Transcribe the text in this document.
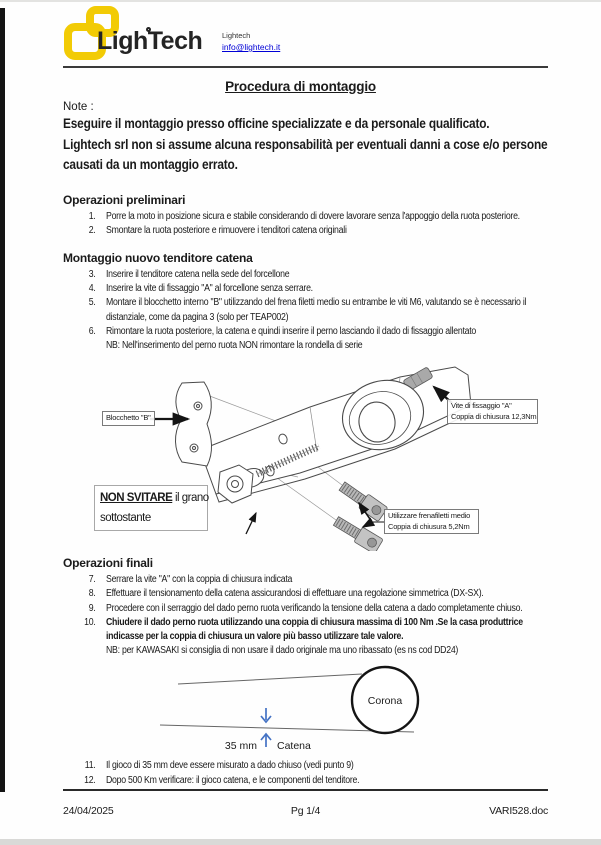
LighTech	Lightech
info@lightech.it
Procedura di montaggio
Note :
Eseguire il montaggio presso officine specializzate e da personale qualificato.
Lightech srl non si assume alcuna responsabilità per eventuali danni a cose e/o persone causati da un montaggio errato.
Operazioni preliminari
1. Porre la moto in posizione sicura e stabile considerando di dovere lavorare senza l'appoggio della ruota posteriore.
2. Smontare la ruota posteriore e rimuovere i tenditori catena originali
Montaggio nuovo tenditore catena
3. Inserire il tenditore catena nella sede del forcellone
4. Inserire la vite di fissaggio "A" al forcellone senza serrare.
5. Montare il blocchetto interno "B" utilizzando del frena filetti medio su entrambe le viti M6, valutando se è necessario il distanziale, come da pagina 3 (solo per TEAP002)
6. Rimontare la ruota posteriore, la catena e quindi inserire il perno lasciando il dado di fissaggio allentato
NB: Nell'inserimento del perno ruota NON rimontare la rondella di serie
Blocchetto "B"
Vite di fissaggio "A"
Coppia di chiusura 12,3Nm
NON SVITARE il grano
sottostante	Utilizzare frenafiletti medio
Coppia di chiusura 5,2Nm
Operazioni finali
7. Serrare la vite "A" con la coppia di chiusura indicata
8. Effettuare il tensionamento della catena assicurandosi di effettuare una regolazione simmetrica (DX-SX).
9. Procedere con il serraggio del dado perno ruota verificando la tensione della catena a dado completamente chiuso.
10. Chiudere il dado perno ruota utilizzando una coppia di chiusura massima di 100 Nm .Se la casa produttrice indicasse per la coppia di chiusura un valore più basso utilizzare tale valore.
NB: per KAWASAKI si consiglia di non usare il dado originale ma uno ribassato (es ns cod DD24)
Corona
35 mm Catena
11. Il gioco di 35 mm deve essere misurato a dado chiuso (vedi punto 9)
12. Dopo 500 Km verificare: il gioco catena, e le componenti del tenditore.
24/04/2025	Pg 1/4	VARI528.doc
